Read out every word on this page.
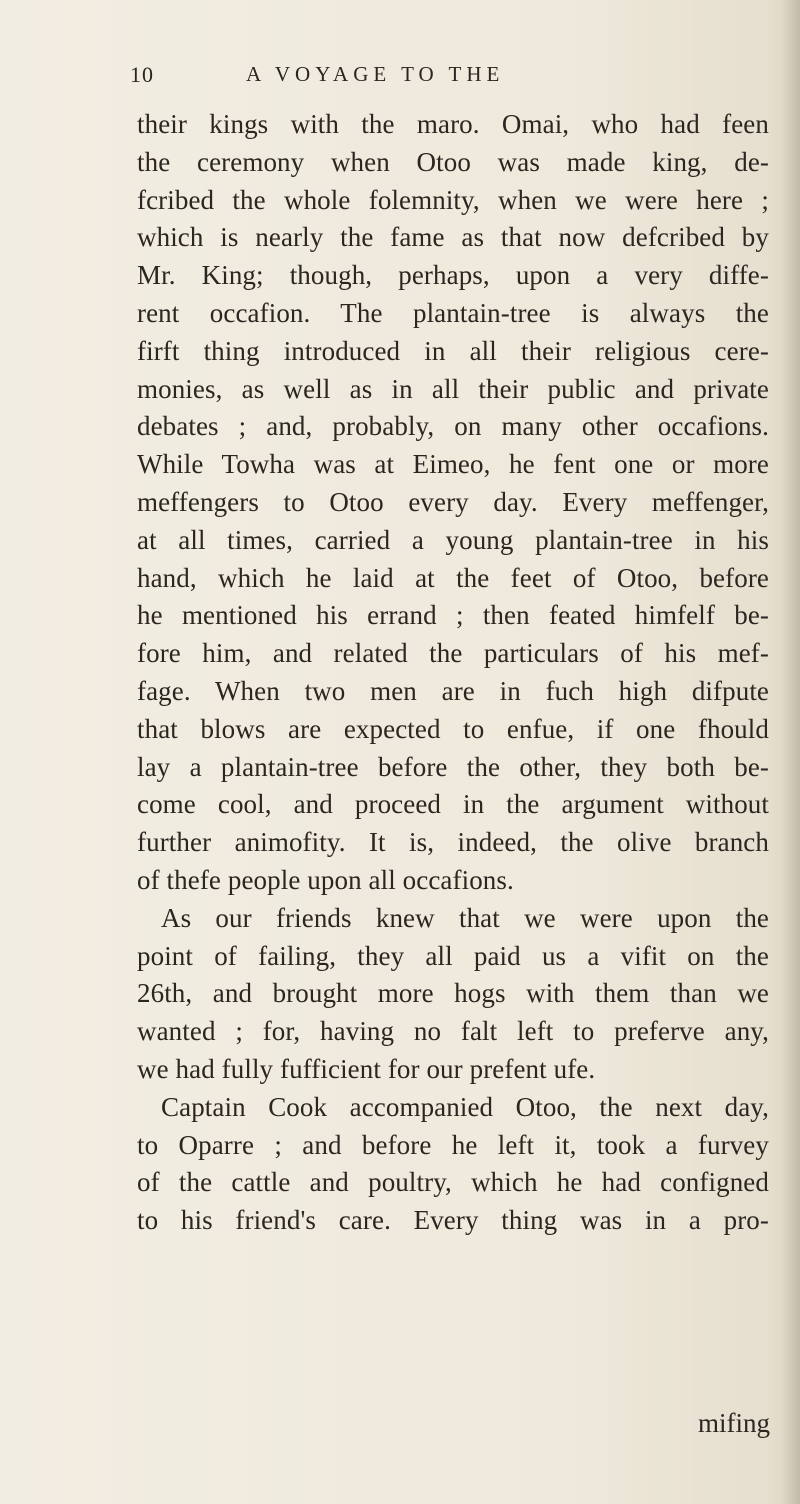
10	A VOYAGE TO THE
their kings with the maro. Omai, who had feen
the ceremony when Otoo was made king, de-
fcribed the whole folemnity, when we were here ;
which is nearly the fame as that now defcribed by
Mr. King; though, perhaps, upon a very diffe-
rent occafion. The plantain-tree is always the
firft thing introduced in all their religious cere-
monies, as well as in all their public and private
debates ; and, probably, on many other occafions.
While Towha was at Eimeo, he fent one or more
meffengers to Otoo every day. Every meffenger,
at all times, carried a young plantain-tree in his
hand, which he laid at the feet of Otoo, before
he mentioned his errand ; then feated himfelf be-
fore him, and related the particulars of his mef-
fage. When two men are in fuch high difpute
that blows are expected to enfue, if one fhould
lay a plantain-tree before the other, they both be-
come cool, and proceed in the argument without
further animofity. It is, indeed, the olive branch
of thefe people upon all occafions.
As our friends knew that we were upon the
point of failing, they all paid us a vifit on the
26th, and brought more hogs with them than we
wanted ; for, having no falt left to preferve any,
we had fully fufficient for our prefent ufe.
Captain Cook accompanied Otoo, the next day,
to Oparre ; and before he left it, took a furvey
of the cattle and poultry, which he had configned
to his friend's care. Every thing was in a pro-
mifing
